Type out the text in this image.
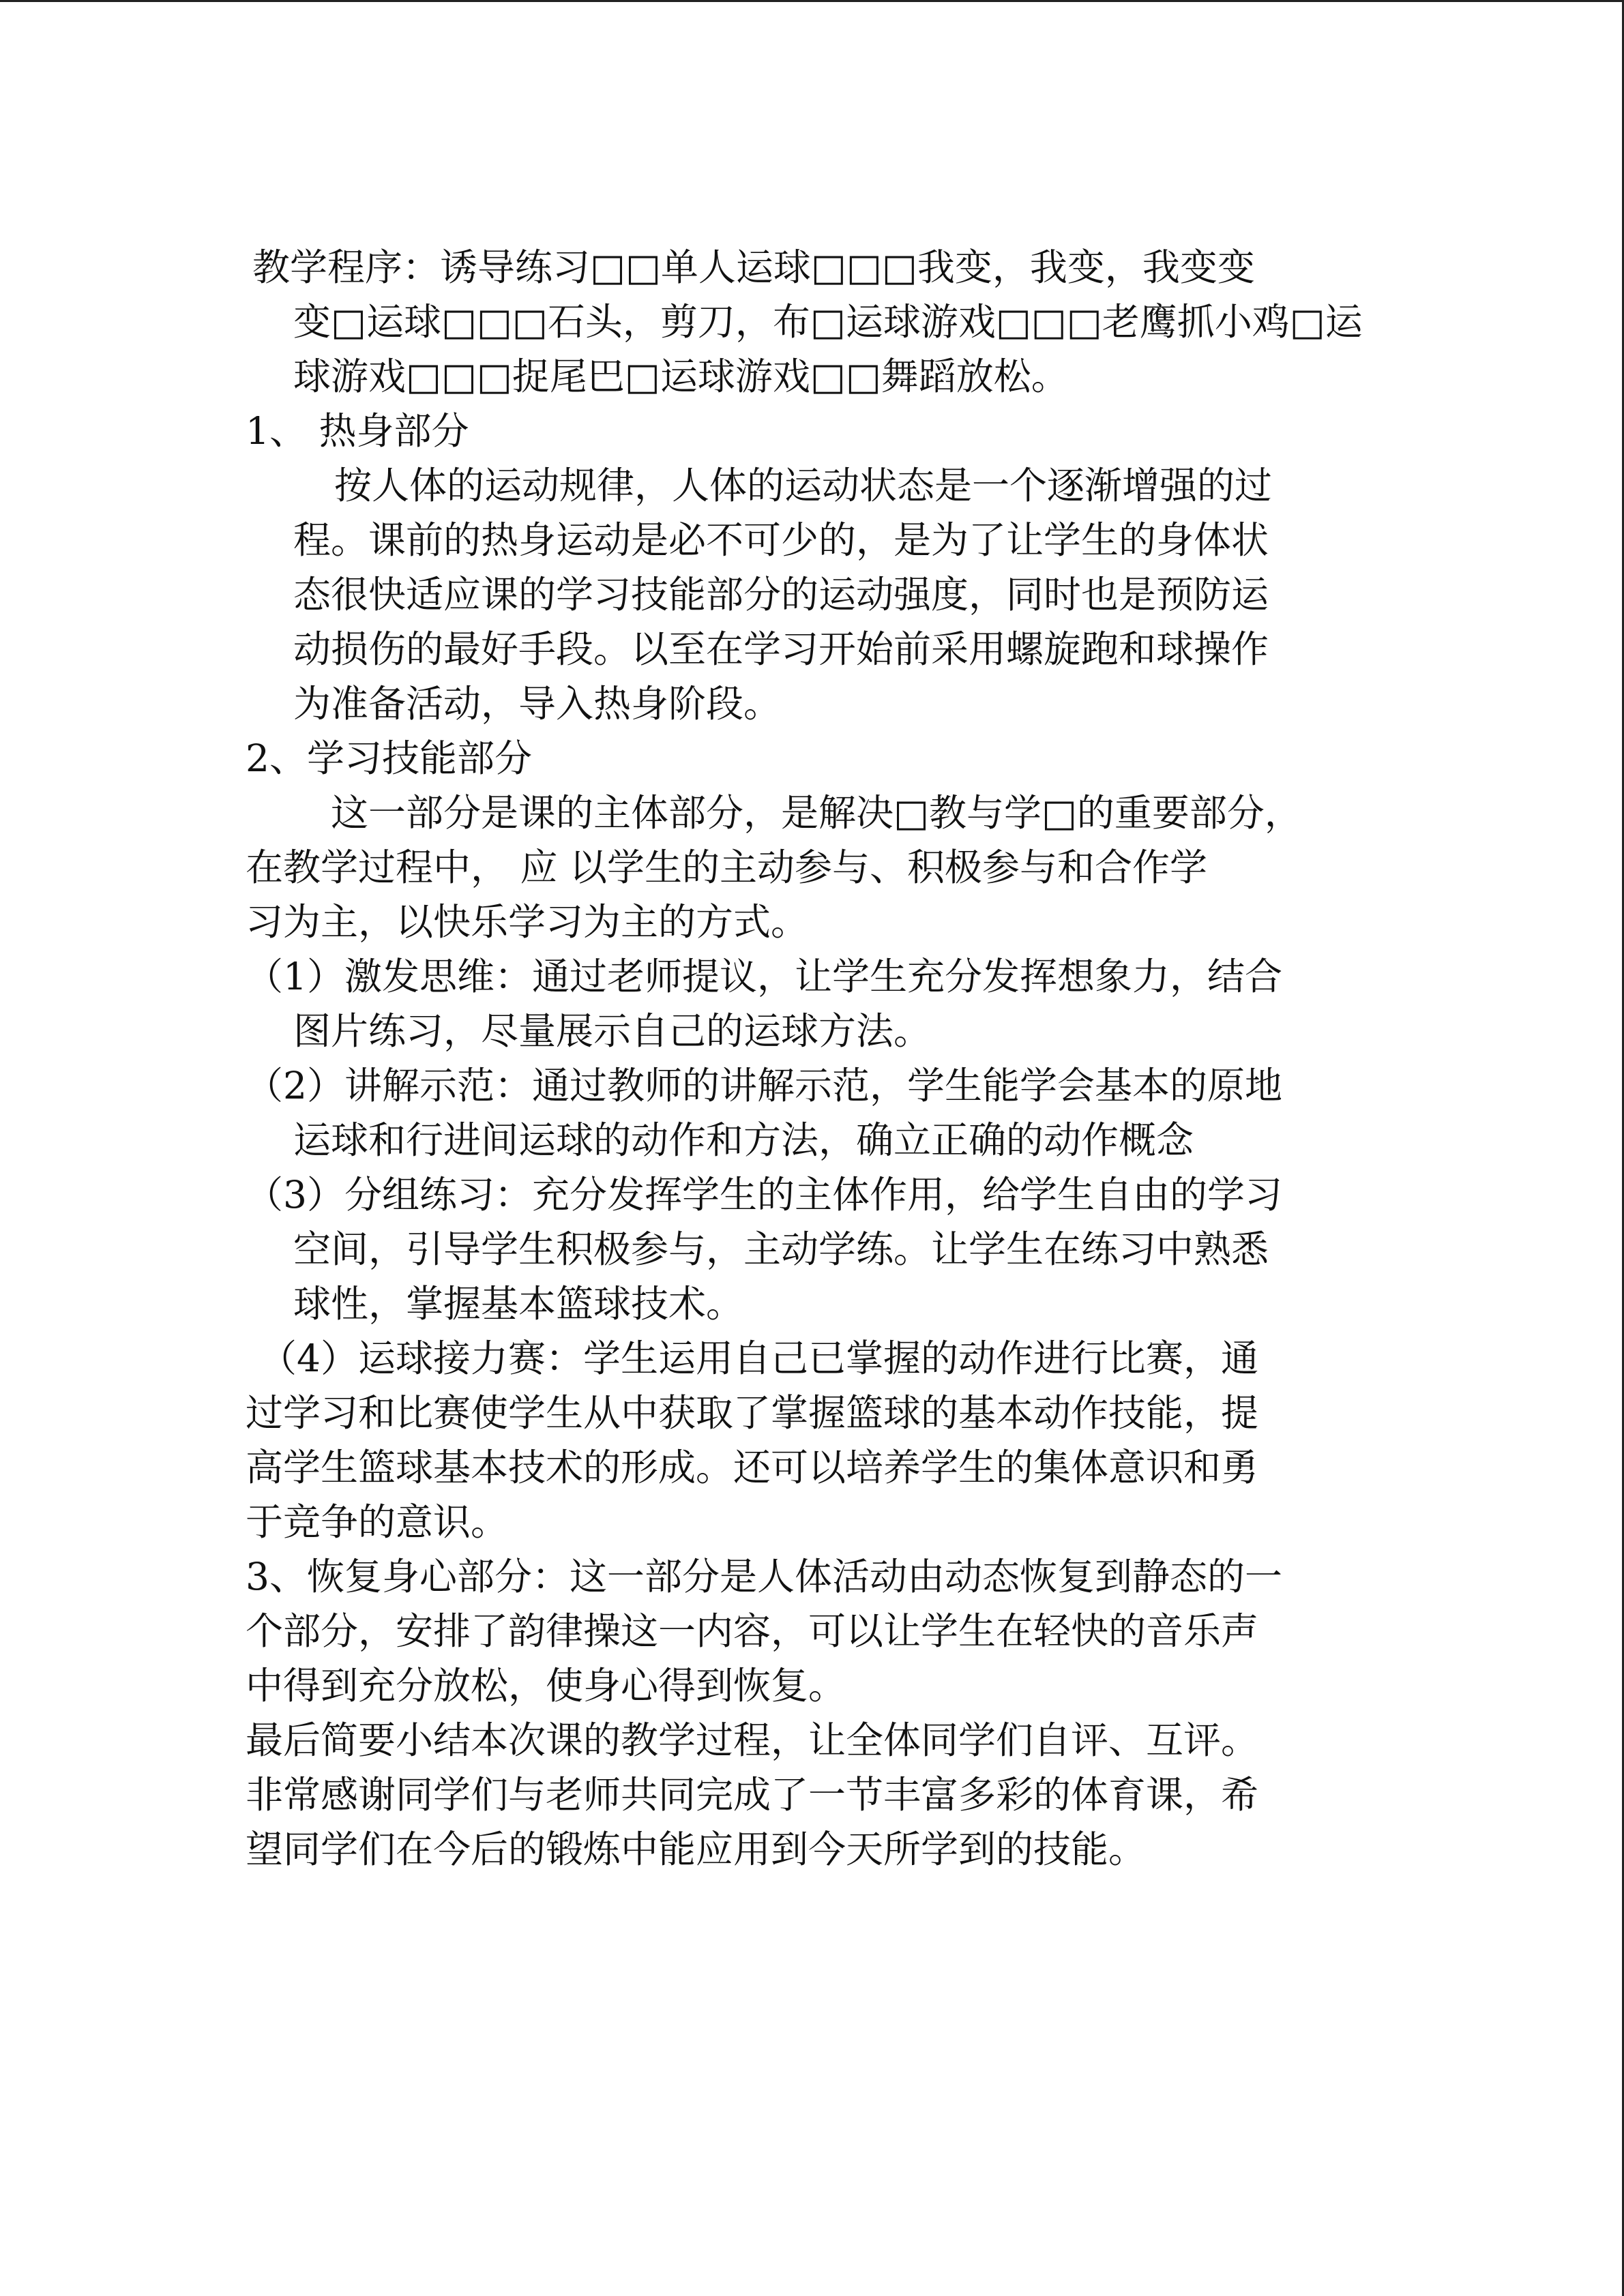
教学程序：诱导练习□□单人运球□□□我变，我变，我变变
变□运球□□□石头，剪刀，布□运球游戏□□□老鹰抓小鸡□运
球游戏□□□捉尾巴□运球游戏□□舞蹈放松。
1、 热身部分
按人体的运动规律，人体的运动状态是一个逐渐增强的过
程。课前的热身运动是必不可少的，是为了让学生的身体状
态很快适应课的学习技能部分的运动强度，同时也是预防运
动损伤的最好手段。以至在学习开始前采用螺旋跑和球操作
为准备活动，导入热身阶段。
2、学习技能部分
这一部分是课的主体部分，是解决□教与学□的重要部分，
在教学过程中， 应 以学生的主动参与、积极参与和合作学
习为主，以快乐学习为主的方式。
（1）激发思维：通过老师提议，让学生充分发挥想象力，结合
图片练习，尽量展示自己的运球方法。
（2）讲解示范：通过教师的讲解示范，学生能学会基本的原地
运球和行进间运球的动作和方法，确立正确的动作概念
（3）分组练习：充分发挥学生的主体作用，给学生自由的学习
空间，引导学生积极参与，主动学练。让学生在练习中熟悉
球性，掌握基本篮球技术。
（4）运球接力赛：学生运用自己已掌握的动作进行比赛，通
过学习和比赛使学生从中获取了掌握篮球的基本动作技能，提
高学生篮球基本技术的形成。还可以培养学生的集体意识和勇
于竞争的意识。
3、恢复身心部分：这一部分是人体活动由动态恢复到静态的一
个部分，安排了韵律操这一内容，可以让学生在轻快的音乐声
中得到充分放松，使身心得到恢复。
最后简要小结本次课的教学过程，让全体同学们自评、互评。
非常感谢同学们与老师共同完成了一节丰富多彩的体育课，希
望同学们在今后的锻炼中能应用到今天所学到的技能。
